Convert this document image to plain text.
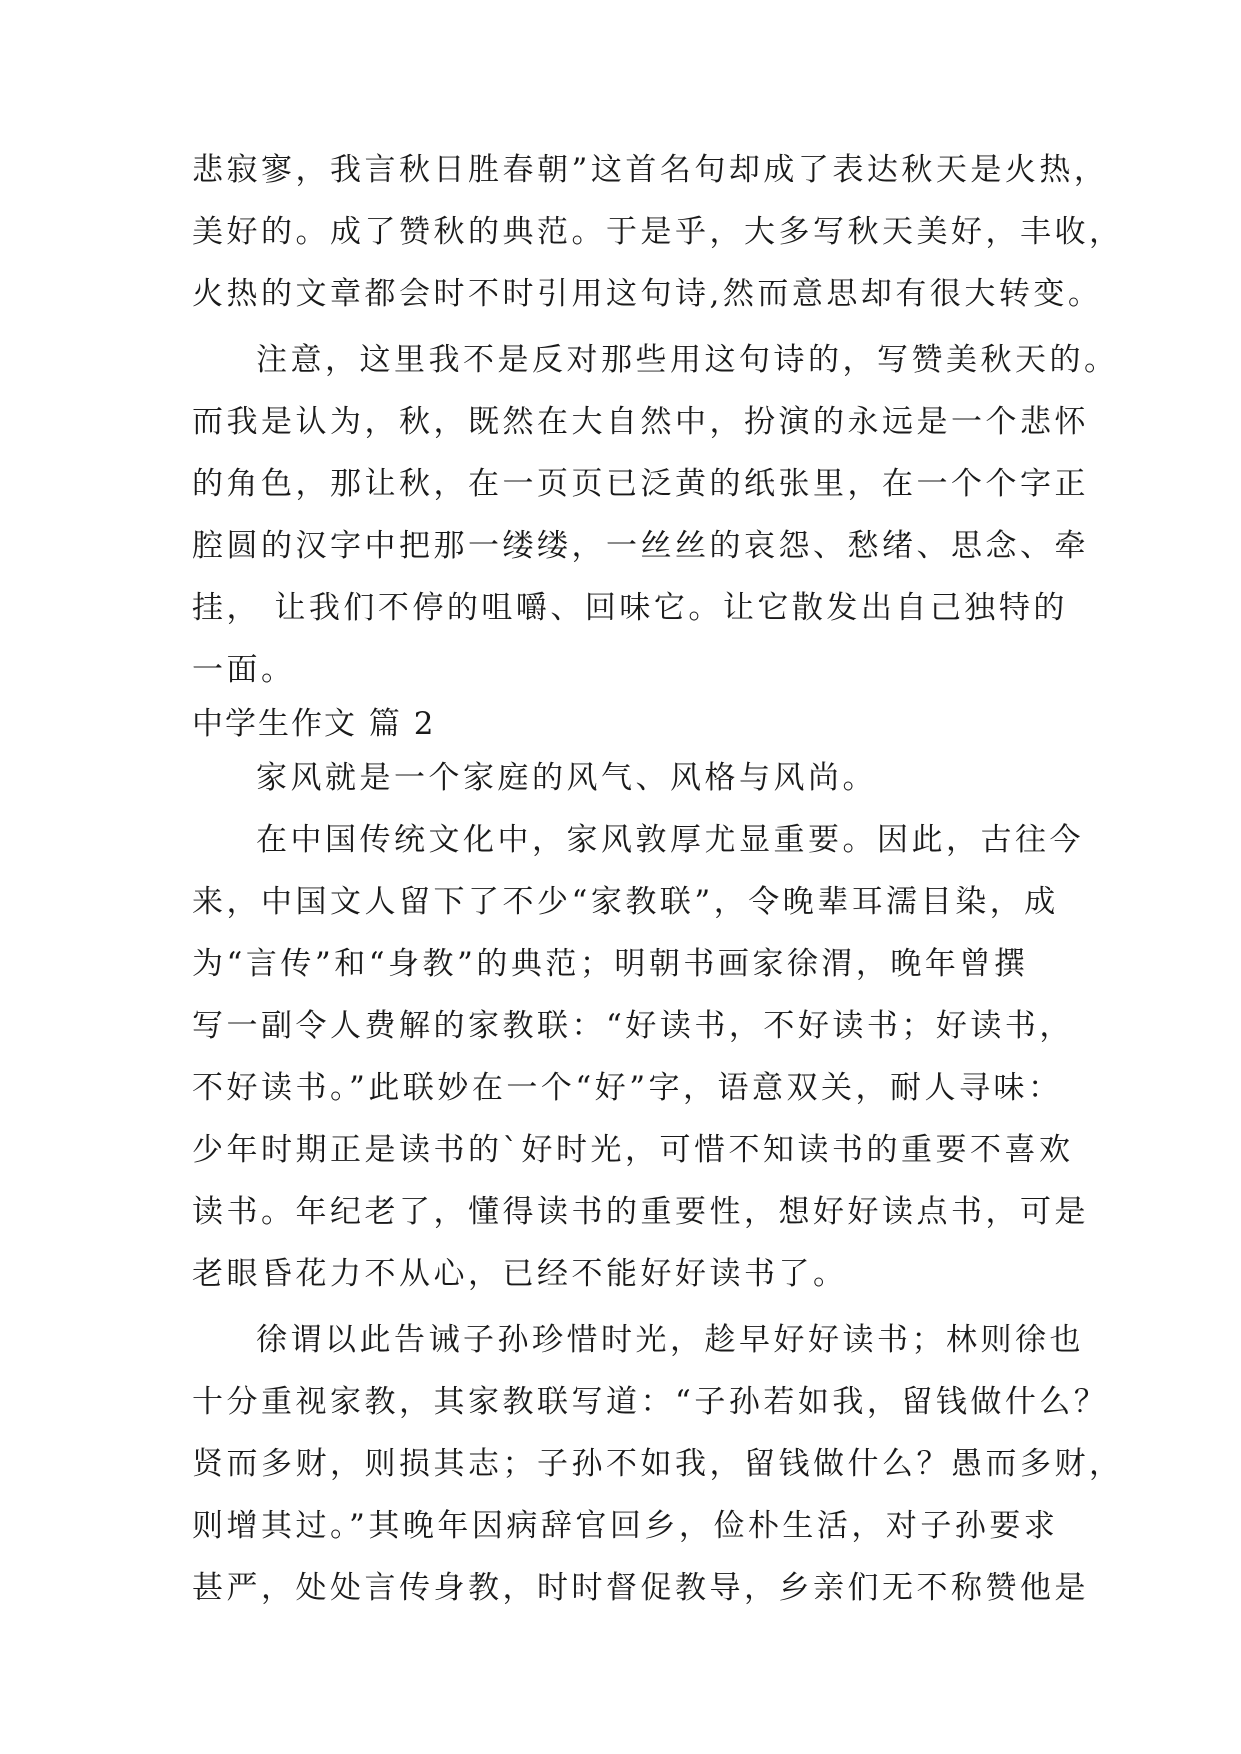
悲寂寥，我言秋日胜春朝”这首名句却成了表达秋天是火热，
美好的。成了赞秋的典范。于是乎，大多写秋天美好，丰收，
火热的文章都会时不时引用这句诗,然而意思却有很大转变。
注意，这里我不是反对那些用这句诗的，写赞美秋天的。
而我是认为，秋，既然在大自然中，扮演的永远是一个悲怀
的角色，那让秋，在一页页已泛黄的纸张里，在一个个字正
腔圆的汉字中把那一缕缕，一丝丝的哀怨、愁绪、思念、牵
挂， 让我们不停的咀嚼、回味它。让它散发出自己独特的
一面。
中学生作文 篇 2
家风就是一个家庭的风气、风格与风尚。
在中国传统文化中，家风敦厚尤显重要。因此，古往今
来，中国文人留下了不少“家教联”，令晚辈耳濡目染，成
为“言传”和“身教”的典范；明朝书画家徐渭，晚年曾撰
写一副令人费解的家教联：“好读书，不好读书；好读书，
不好读书。”此联妙在一个“好”字，语意双关，耐人寻味：
少年时期正是读书的`好时光，可惜不知读书的重要不喜欢
读书。年纪老了，懂得读书的重要性，想好好读点书，可是
老眼昏花力不从心，已经不能好好读书了。
徐谓以此告诫子孙珍惜时光，趁早好好读书；林则徐也
十分重视家教，其家教联写道：“子孙若如我，留钱做什么？
贤而多财，则损其志；子孙不如我，留钱做什么？愚而多财，
则增其过。”其晚年因病辞官回乡，俭朴生活，对子孙要求
甚严，处处言传身教，时时督促教导，乡亲们无不称赞他是
